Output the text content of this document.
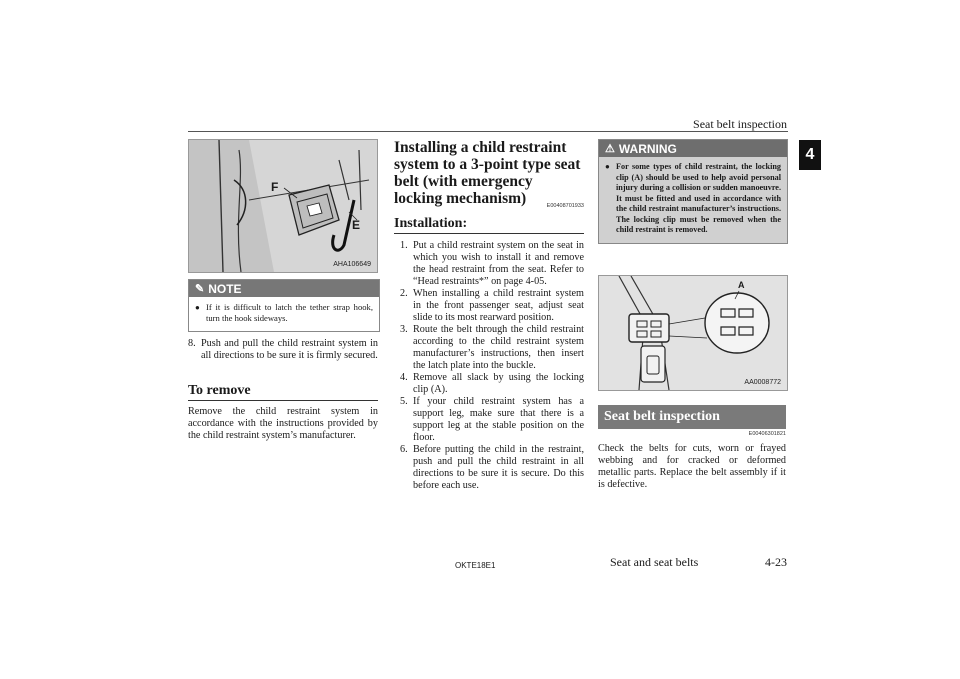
Seat belt inspection
4
F
E
AHA106649
✎ NOTE
● If it is difficult to latch the tether strap hook, turn the hook sideways.
8. Push and pull the child restraint system in all directions to be sure it is firmly secured.
To remove
Remove the child restraint system in accordance with the instructions provided by the child restraint system’s manufacturer.
Installing a child restraint system to a 3-point type seat belt (with emergency locking mechanism)	E00408701933
Installation:
1. Put a child restraint system on the seat in which you wish to install it and remove the head restraint from the seat. Refer to “Head restraints*” on page 4-05.
2. When installing a child restraint system in the front passenger seat, adjust seat slide to its most rearward position.
3. Route the belt through the child restraint according to the child restraint system manufacturer’s instructions, then insert the latch plate into the buckle.
4. Remove all slack by using the locking clip (A).
5. If your child restraint system has a support leg, make sure that there is a support leg at the stable position on the floor.
6. Before putting the child in the restraint, push and pull the child restraint in all directions to be sure it is secure. Do this before each use.
⚠ WARNING
● For some types of child restraint, the locking clip (A) should be used to help avoid personal injury during a collision or sudden manoeuvre. It must be fitted and used in accordance with the child restraint manufacturer’s instructions. The locking clip must be removed when the child restraint is removed.
A
AA0008772
Seat belt inspection
E00406301821
Check the belts for cuts, worn or frayed webbing and for cracked or deformed metallic parts. Replace the belt assembly if it is defective.
OKTE18E1	Seat and seat belts	4-23
